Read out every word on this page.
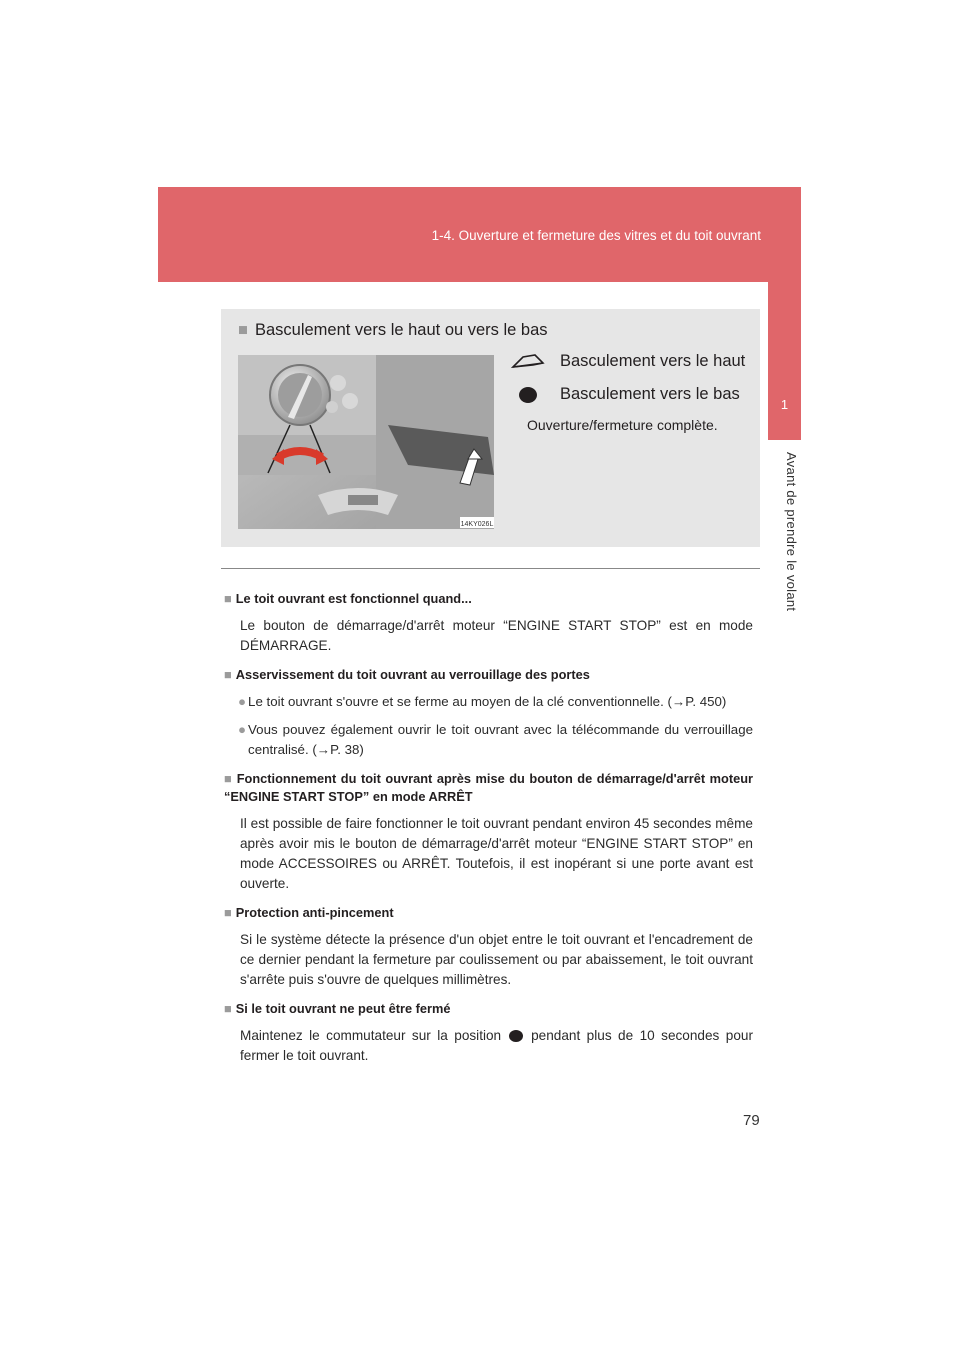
1-4. Ouverture et fermeture des vitres et du toit ouvrant
1
Avant de prendre le volant
■ Basculement vers le haut ou vers le bas
14KY026L
Basculement vers le haut
Basculement vers le bas
Ouverture/fermeture complète.
■ Le toit ouvrant est fonctionnel quand...
Le bouton de démarrage/d'arrêt moteur “ENGINE START STOP” est en mode DÉMARRAGE.
■ Asservissement du toit ouvrant au verrouillage des portes
● Le toit ouvrant s'ouvre et se ferme au moyen de la clé conventionnelle. (→P. 450)
● Vous pouvez également ouvrir le toit ouvrant avec la télécommande du verrouillage centralisé. (→P. 38)
■ Fonctionnement du toit ouvrant après mise du bouton de démarrage/d'arrêt moteur “ENGINE START STOP” en mode ARRÊT
Il est possible de faire fonctionner le toit ouvrant pendant environ 45 secondes même après avoir mis le bouton de démarrage/d'arrêt moteur “ENGINE START STOP” en mode ACCESSOIRES ou ARRÊT. Toutefois, il est inopérant si une porte avant est ouverte.
■ Protection anti-pincement
Si le système détecte la présence d'un objet entre le toit ouvrant et l'encadrement de ce dernier pendant la fermeture par coulissement ou par abaissement, le toit ouvrant s'arrête puis s'ouvre de quelques millimètres.
■ Si le toit ouvrant ne peut être fermé
Maintenez le commutateur sur la position pendant plus de 10 secondes pour fermer le toit ouvrant.
79
